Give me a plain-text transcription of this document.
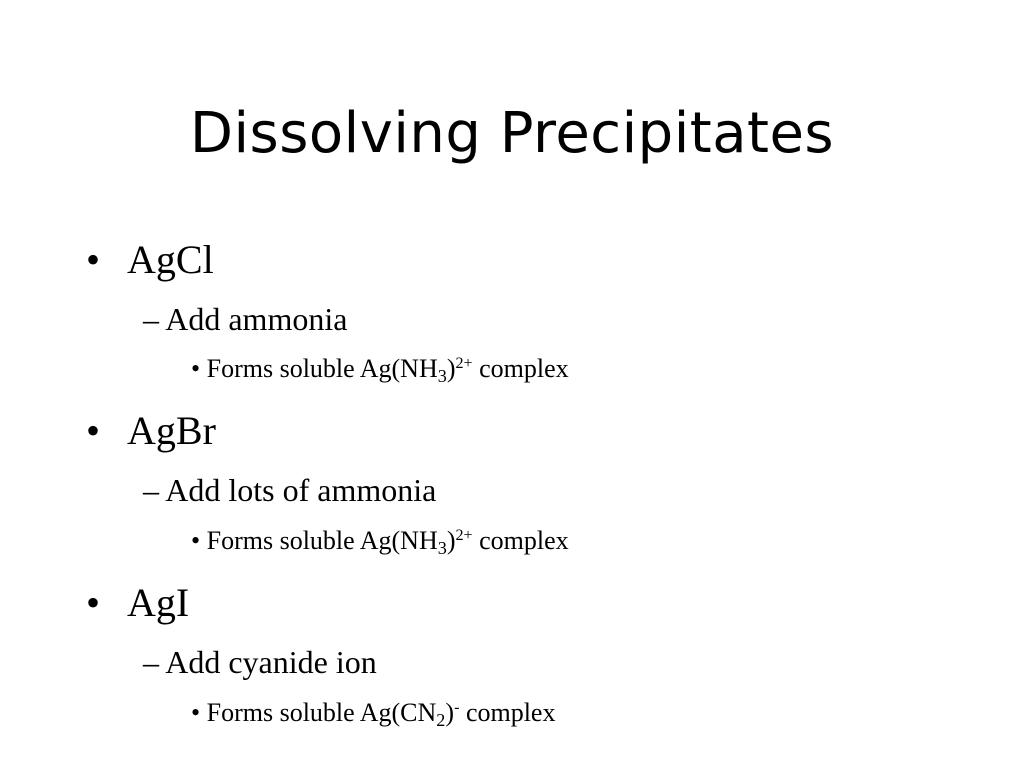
Dissolving Precipitates
• AgCl
– Add ammonia
• Forms soluble $Ag(NH_3)^{2+}$ complex
• AgBr
– Add lots of ammonia
• Forms soluble $Ag(NH_3)^{2+}$ complex
• AgI
– Add cyanide ion
• Forms soluble $Ag(CN_2)^-$ complex
